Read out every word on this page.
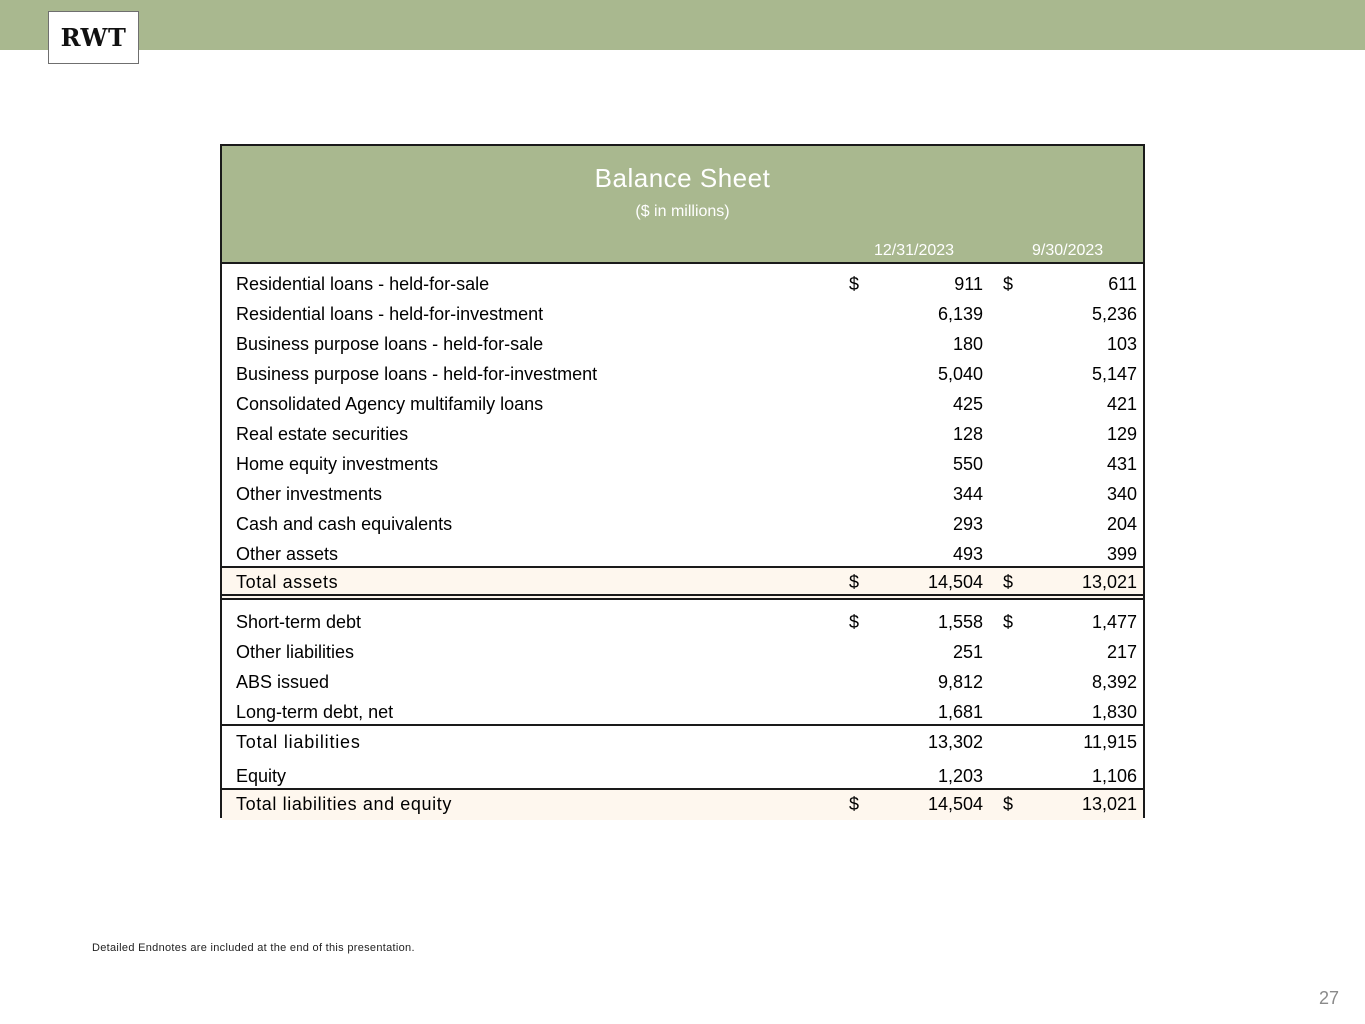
RWT
Balance Sheet
($ in millions)
12/31/2023	9/30/2023
Residential loans - held-for-sale	$	911 $	611
Residential loans - held-for-investment	6,139	5,236
Business purpose loans - held-for-sale	180	103
Business purpose loans - held-for-investment	5,040	5,147
Consolidated Agency multifamily loans	425	421
Real estate securities	128	129
Home equity investments	550	431
Other investments	344	340
Cash and cash equivalents	293	204
Other assets	493	399
Total assets	$	14,504 $	13,021
Short-term debt	$	1,558 $	1,477
Other liabilities	251	217
ABS issued	9,812	8,392
Long-term debt, net	1,681	1,830
Total liabilities	13,302	11,915
Equity	1,203	1,106
Total liabilities and equity	$	14,504 $	13,021
Detailed Endnotes are included at the end of this presentation.
27
